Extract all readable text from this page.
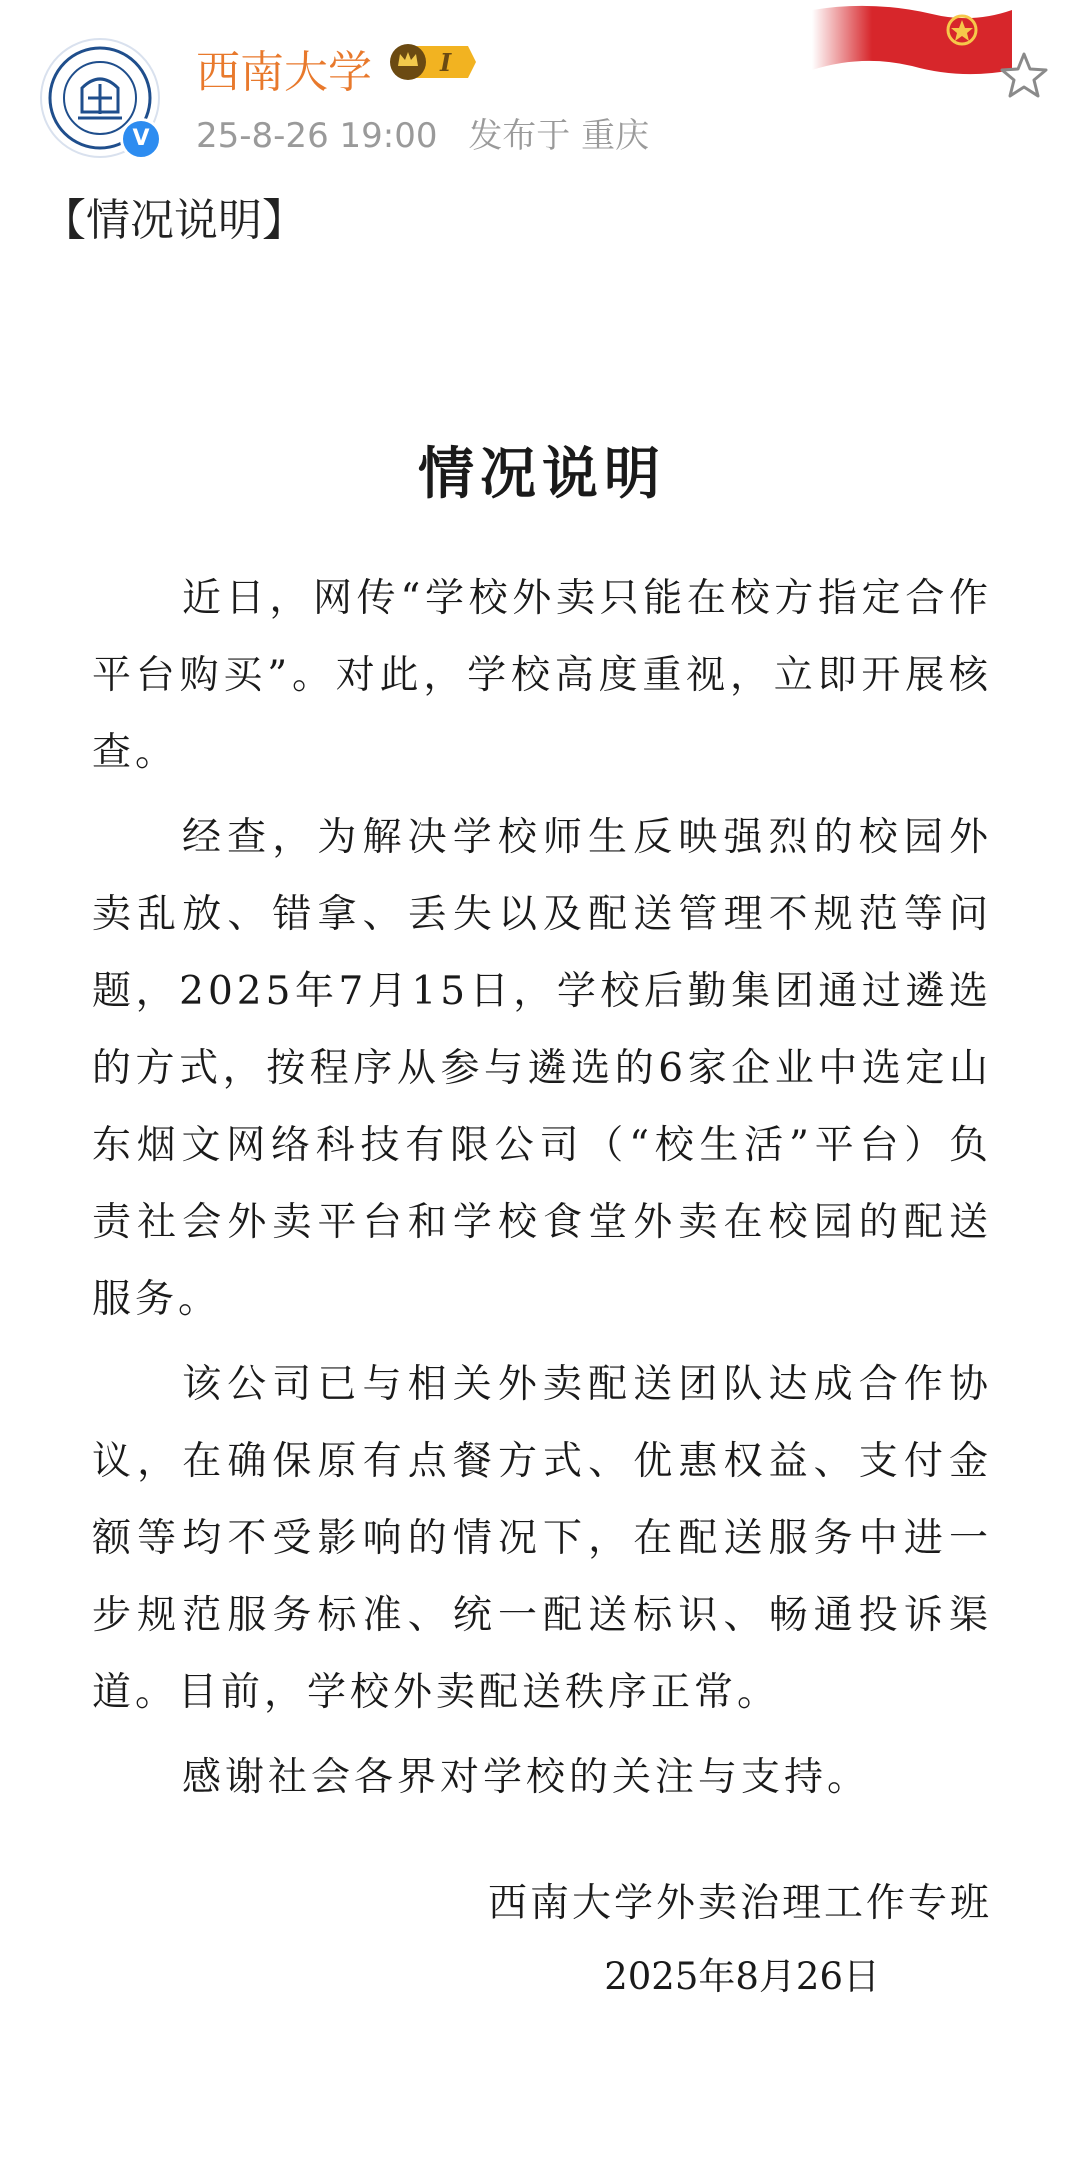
V
西南大学	I
25-8-26 19:00 发布于 重庆
【情况说明】
情况说明

近日，网传“学校外卖只能在校方指定合作平台购买”。对此，学校高度重视，立即开展核查。

经查，为解决学校师生反映强烈的校园外卖乱放、错拿、丢失以及配送管理不规范等问题，2025年7月15日，学校后勤集团通过遴选的方式，按程序从参与遴选的6家企业中选定山东烟文网络科技有限公司（“校生活”平台）负责社会外卖平台和学校食堂外卖在校园的配送服务。

该公司已与相关外卖配送团队达成合作协议，在确保原有点餐方式、优惠权益、支付金额等均不受影响的情况下，在配送服务中进一步规范服务标准、统一配送标识、畅通投诉渠道。目前，学校外卖配送秩序正常。

感谢社会各界对学校的关注与支持。

西南大学外卖治理工作专班
2025年8月26日
